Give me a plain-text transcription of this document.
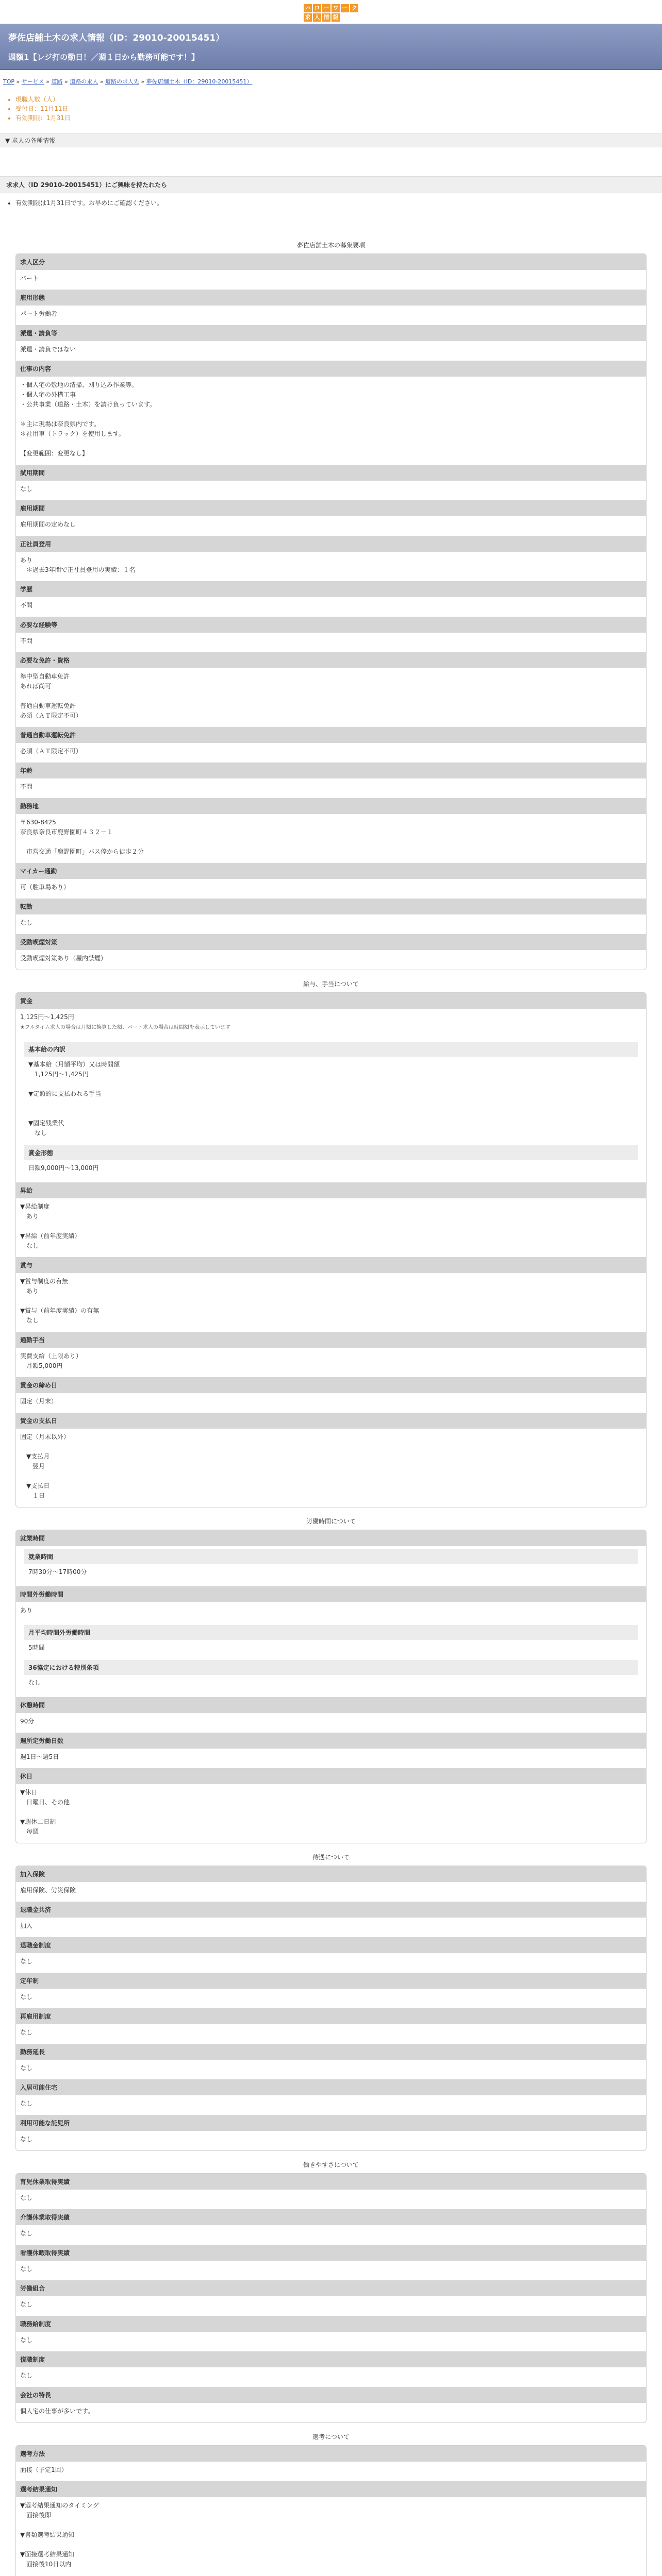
ハ ロ ー ワ ー ク
求 人 情 報
夢佐店舗土木の求人情報（ID：29010-20015451）
週額1【レジ打の勤日！／週１日から勤務可能です！】
TOP » サービス » 道路 » 道路の求人 » 道路の求人先 » 夢佐店舗土木（ID：29010-20015451）
• 現職人数（人）
• 受付日：11月11日
• 有効期限：1月31日
▼ 求人の各種情報
求求人（ID 29010-20015451）にご興味を持たれたら
• 有効期限は1月31日です。お早めにご確認ください。
夢佐店舗土木の募集要項
求人区分
パート
雇用形態
パート労働者
派遣・請負等
派遣・請負ではない
仕事の内容
・個人宅の敷地の清掃、刈り込み作業等。
・個人宅の外構工事
・公共事業（道路・土木）を請け負っています。

＊主に現場は奈良県内です。
＊社用車（トラック）を使用します。

【変更範囲：変更なし】
試用期間
なし
雇用期間
雇用期間の定めなし
正社員登用
あり
　＊過去3年間で正社員登用の実績：１名
学歴
不問
必要な経験等
不問
必要な免許・資格
準中型自動車免許
あれば尚可

普通自動車運転免許
必須（ＡＴ限定不可）
普通自動車運転免許
必須（ＡＴ限定不可）
年齢
不問
勤務地
〒630-8425
奈良県奈良市鹿野園町４３２－１

　市営交通「鹿野園町」バス停から徒歩２分
マイカー通勤
可（駐車場あり）
転勤
なし
受動喫煙対策
受動喫煙対策あり（屋内禁煙）
給与、手当について
賃金
1,125円〜1,425円
★フルタイム求人の場合は月額に換算した額、パート求人の場合は時間額を表示しています
基本給の内訳
▼基本給（月額平均）又は時間額
　1,125円〜1,425円

▼定額的に支払われる手当

▼固定残業代
　なし
賞金形態
日額9,000円〜13,000円
昇給
▼昇給制度
　あり

▼昇給（前年度実績）
　なし
賞与
▼賞与制度の有無
　あり

▼賞与（前年度実績）の有無
　なし
通勤手当
実費支給（上限あり）
　月額5,000円
賃金の締め日
固定（月末）
賃金の支払日
固定（月末以外）

　▼支払月
　　翌月

　▼支払日
　　１日
労働時間について
就業時間
就業時間
7時30分〜17時00分
時間外労働時間
あり
月平均時間外労働時間
5時間
36協定における特別条項
なし
休憩時間
90分
週所定労働日数
週1日〜週5日
休日
▼休日
　日曜日、その他

▼週休二日制
　毎週
待遇について
加入保険
雇用保険、労災保険
退職金共済
加入
退職金制度
なし
定年制
なし
再雇用制度
なし
勤務延長
なし
入居可能住宅
なし
利用可能な託児所
なし
働きやすさについて
育児休業取得実績
なし
介護休業取得実績
なし
看護休暇取得実績
なし
労働組合
なし
職務給制度
なし
復職制度
なし
会社の特長
個人宅の仕事が多いです。
選考について
選考方法
面接（予定1回）
選考結果通知
▼選考結果通知のタイミング
　面接後即

▼書類選考結果通知

▼面接選考結果通知
　面接後10日以内
